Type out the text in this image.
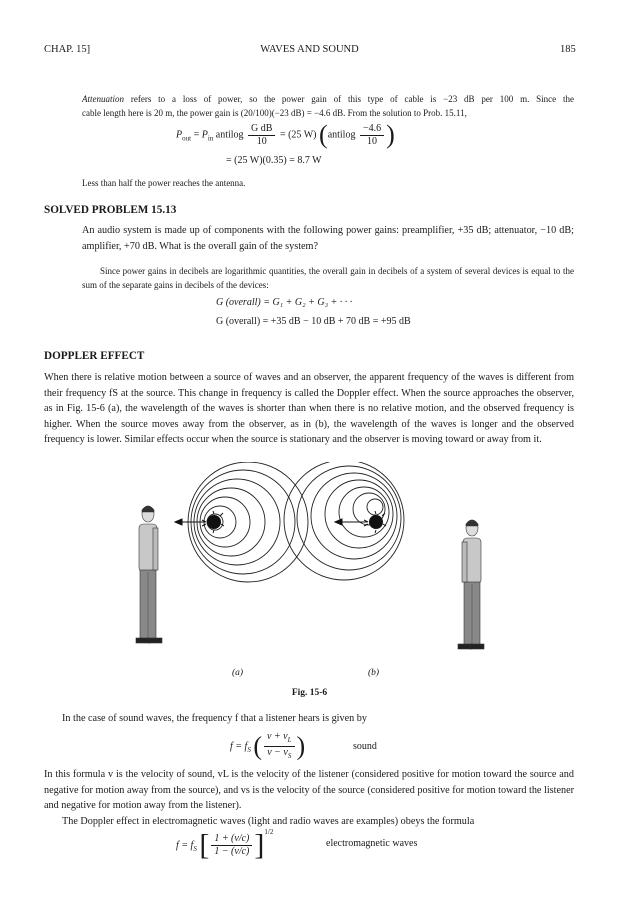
CHAP. 15]	WAVES AND SOUND	185
Attenuation refers to a loss of power, so the power gain of this type of cable is −23 dB per 100 m. Since the
cable length here is 20 m, the power gain is (20/100)(−23 dB) = −4.6 dB. From the solution to Prob. 15.11,
$P_{out} = P_{in}$ antilog $\frac{\text{G dB}}{10} = (25$ W) (antilog $\frac{-4.6}{10}$ )
= (25 W)(0.35) = 8.7 W
Less than half the power reaches the antenna.
SOLVED PROBLEM 15.13
An audio system is made up of components with the following power gains: preamplifier, +35 dB; attenuator, −10 dB; amplifier, +70 dB. What is the overall gain of the system?
Since power gains in decibels are logarithmic quantities, the overall gain in decibels of a system of several devices is equal to the sum of the separate gains in decibels of the devices:
G (overall) = G₁ + G₂ + G₃ + · · ·
G (overall) = +35 dB − 10 dB + 70 dB = +95 dB
DOPPLER EFFECT
When there is relative motion between a source of waves and an observer, the apparent frequency of the waves is different from their frequency fS at the source. This change in frequency is called the Doppler effect. When the source approaches the observer, as in Fig. 15-6 (a), the wavelength of the waves is shorter than when there is no relative motion, and the observed frequency is higher. When the source moves away from the observer, as in (b), the wavelength of the waves is longer and the observed frequency is lower. Similar effects occur when the source is stationary and the observer is moving toward or away from it.
(a)	(b)
Fig. 15-6
In the case of sound waves, the frequency f that a listener hears is given by
$f = f_S$ ( $\frac{v + v_L}{v - v_S}$ )	sound
In this formula v is the velocity of sound, vL is the velocity of the listener (considered positive for motion toward the source and negative for motion away from the source), and vs is the velocity of the source (considered positive for motion toward the listener and negative for motion away from the listener).
The Doppler effect in electromagnetic waves (light and radio waves are examples) obeys the formula
$f = f_S$ [ $\frac{1 + (v/c)}{1 - (v/c)} ]^{1/2}$
electromagnetic waves
